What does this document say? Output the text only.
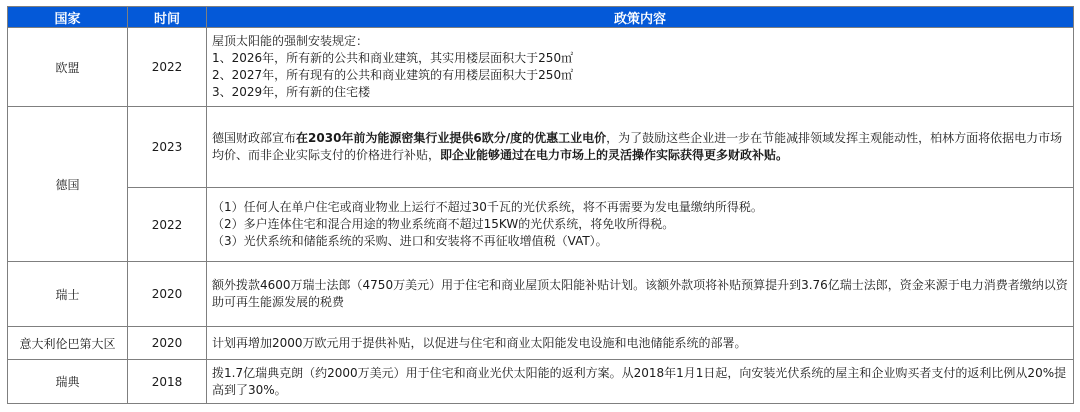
国家	时间	政策内容
欧盟	2022	屋顶太阳能的强制安装规定：
1、2026年，所有新的公共和商业建筑，其实用楼层面积大于250㎡
2、2027年，所有现有的公共和商业建筑的有用楼层面积大于250㎡
3、2029年，所有新的住宅楼

德国	2023	德国财政部宣布在2030年前为能源密集行业提供6欧分/度的优惠工业电价，为了鼓励这些企业进一步在节能减排领域发挥主观能动性，柏林方面将依据电力市场均价、而非企业实际支付的价格进行补贴，即企业能够通过在电力市场上的灵活操作实际获得更多财政补贴。

	2022	（1）任何人在单户住宅或商业物业上运行不超过30千瓦的光伏系统，将不再需要为发电量缴纳所得税。
（2）多户连体住宅和混合用途的物业系统商不超过15KW的光伏系统，将免收所得税。
（3）光伏系统和储能系统的采购、进口和安装将不再征收增值税（VAT）。

瑞士	2020	额外拨款4600万瑞士法郎（4750万美元）用于住宅和商业屋顶太阳能补贴计划。该额外款项将补贴预算提升到3.76亿瑞士法郎，资金来源于电力消费者缴纳以资助可再生能源发展的税费

意大利伦巴第大区	2020	计划再增加2000万欧元用于提供补贴，以促进与住宅和商业太阳能发电设施和电池储能系统的部署。

瑞典	2018	拨1.7亿瑞典克朗（约2000万美元）用于住宅和商业光伏太阳能的返利方案。从2018年1月1日起，向安装光伏系统的屋主和企业购买者支付的返利比例从20%提高到了30%。
